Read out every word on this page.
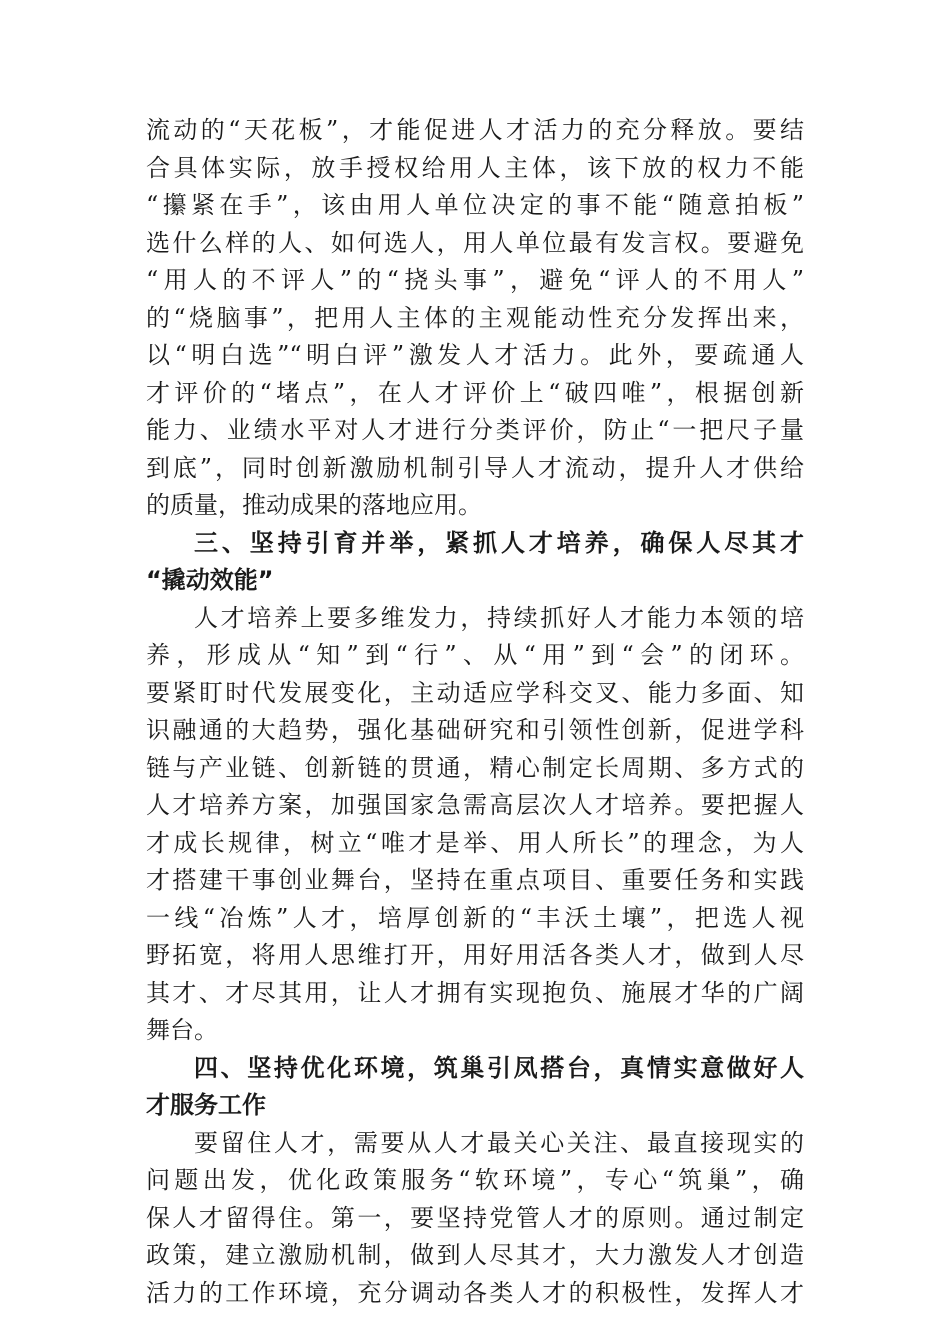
流动的“天花板”，才能促进人才活力的充分释放。要结
合具体实际，放手授权给用人主体，该下放的权力不能
“攥紧在手”，该由用人单位决定的事不能“随意拍板”
选什么样的人、如何选人，用人单位最有发言权。要避免
“用人的不评人”的“挠头事”，避免“评人的不用人”
的“烧脑事”，把用人主体的主观能动性充分发挥出来，
以“明白选”“明白评”激发人才活力。此外，要疏通人
才评价的“堵点”，在人才评价上“破四唯”，根据创新
能力、业绩水平对人才进行分类评价，防止“一把尺子量
到底”，同时创新激励机制引导人才流动，提升人才供给
的质量，推动成果的落地应用。
三、坚持引育并举，紧抓人才培养，确保人尽其才
“撬动效能”
人才培养上要多维发力，持续抓好人才能力本领的培
养，形成从“知”到“行”、从“用”到“会”的闭环。
要紧盯时代发展变化，主动适应学科交叉、能力多面、知
识融通的大趋势，强化基础研究和引领性创新，促进学科
链与产业链、创新链的贯通，精心制定长周期、多方式的
人才培养方案，加强国家急需高层次人才培养。要把握人
才成长规律，树立“唯才是举、用人所长”的理念，为人
才搭建干事创业舞台，坚持在重点项目、重要任务和实践
一线“冶炼”人才，培厚创新的“丰沃土壤”，把选人视
野拓宽，将用人思维打开，用好用活各类人才，做到人尽
其才、才尽其用，让人才拥有实现抱负、施展才华的广阔
舞台。
四、坚持优化环境，筑巢引凤搭台，真情实意做好人
才服务工作
要留住人才，需要从人才最关心关注、最直接现实的
问题出发，优化政策服务“软环境”，专心“筑巢”，确
保人才留得住。第一，要坚持党管人才的原则。通过制定
政策，建立激励机制，做到人尽其才，大力激发人才创造
活力的工作环境，充分调动各类人才的积极性，发挥人才
